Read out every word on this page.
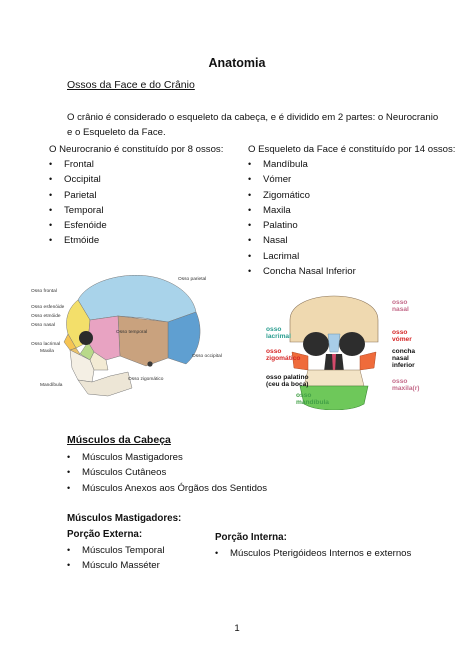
Anatomia
Ossos da Face e do Crânio
O crânio é considerado o esqueleto da cabeça, e é dividido em 2 partes: o Neurocranio
e o Esqueleto da Face.
O Neurocranio é constituído por 8 ossos:
• Frontal
• Occipital
• Parietal
• Temporal
• Esfenóide
• Etmóide
O Esqueleto da Face é constituído por 14 ossos:
• Mandíbula
• Vómer
• Zigomático
• Maxila
• Palatino
• Nasal
• Lacrimal
• Concha Nasal Inferior
Osso parietal
Osso frontal
Osso esfenóide
Osso etmóide
Osso nasal
Osso temporal
Osso lacrimal
Maxila
Osso occipital
Osso zigomático
Mandíbula
osso
nasal
osso
lacrimal
osso
vómer
osso
zigomático
concha
nasal
inferior
osso palatino
(ceu da boca)	osso
maxila(r)
osso
mandíbula
Músculos da Cabeça
• Músculos Mastigadores
• Músculos Cutâneos
• Músculos Anexos aos Órgãos dos Sentidos
Músculos Mastigadores:
Porção Externa:
• Músculos Temporal
• Músculo Masséter
Porção Interna:
• Músculos Pterigóideos Internos e externos
1
